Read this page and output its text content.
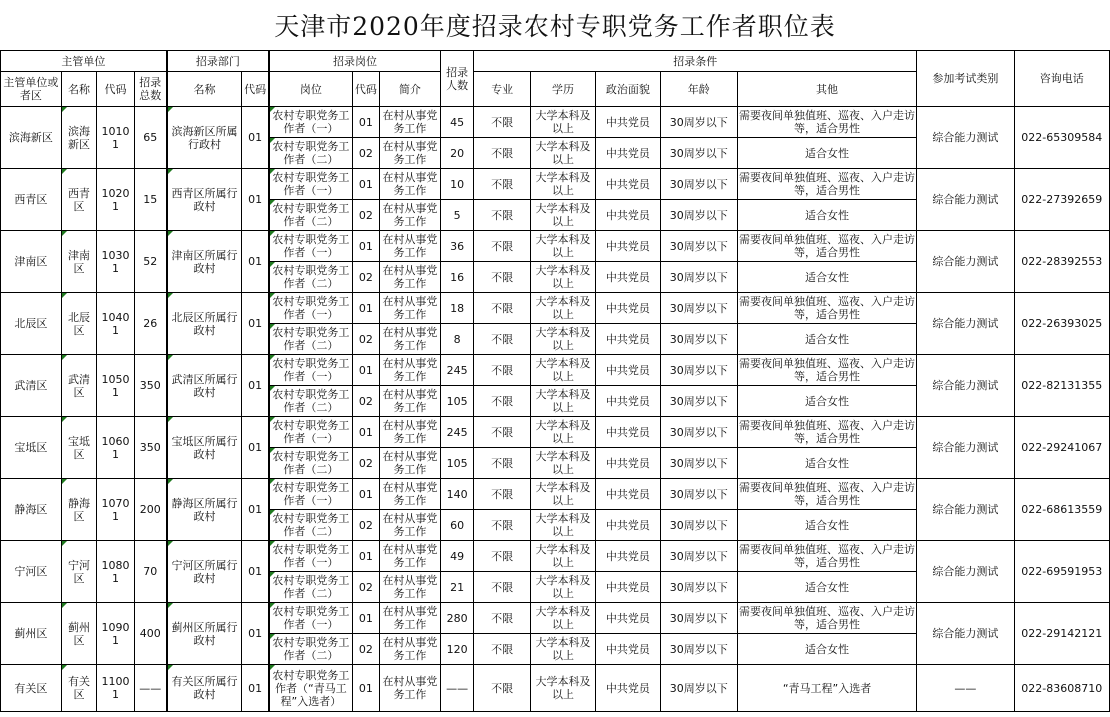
天津市2020年度招录农村专职党务工作者职位表
主管单位				招录部门		招录岗位			招录人数	招录条件					参加考试类别	咨询电话
主管单位或者区	名称	代码	招录总数	名称	代码	岗位	代码	简介		专业	学历	政治面貌	年龄	其他		
滨海新区	滨海新区	10101	65	滨海新区所属行政村	01	农村专职党务工作者（一）	01	在村从事党务工作	45	不限	大学本科及以上	中共党员	30周岁以下	需要夜间单独值班、巡夜、入户走访等，适合男性	综合能力测试	022-65309584
						农村专职党务工作者（二）	02	在村从事党务工作	20	不限	大学本科及以上	中共党员	30周岁以下	适合女性		
西青区	西青区	10201	15	西青区所属行政村	01	农村专职党务工作者（一）	01	在村从事党务工作	10	不限	大学本科及以上	中共党员	30周岁以下	需要夜间单独值班、巡夜、入户走访等，适合男性	综合能力测试	022-27392659
						农村专职党务工作者（二）	02	在村从事党务工作	5	不限	大学本科及以上	中共党员	30周岁以下	适合女性		
津南区	津南区	10301	52	津南区所属行政村	01	农村专职党务工作者（一）	01	在村从事党务工作	36	不限	大学本科及以上	中共党员	30周岁以下	需要夜间单独值班、巡夜、入户走访等，适合男性	综合能力测试	022-28392553
						农村专职党务工作者（二）	02	在村从事党务工作	16	不限	大学本科及以上	中共党员	30周岁以下	适合女性		
北辰区	北辰区	10401	26	北辰区所属行政村	01	农村专职党务工作者（一）	01	在村从事党务工作	18	不限	大学本科及以上	中共党员	30周岁以下	需要夜间单独值班、巡夜、入户走访等，适合男性	综合能力测试	022-26393025
						农村专职党务工作者（二）	02	在村从事党务工作	8	不限	大学本科及以上	中共党员	30周岁以下	适合女性		
武清区	武清区	10501	350	武清区所属行政村	01	农村专职党务工作者（一）	01	在村从事党务工作	245	不限	大学本科及以上	中共党员	30周岁以下	需要夜间单独值班、巡夜、入户走访等，适合男性	综合能力测试	022-82131355
						农村专职党务工作者（二）	02	在村从事党务工作	105	不限	大学本科及以上	中共党员	30周岁以下	适合女性		
宝坻区	宝坻区	10601	350	宝坻区所属行政村	01	农村专职党务工作者（一）	01	在村从事党务工作	245	不限	大学本科及以上	中共党员	30周岁以下	需要夜间单独值班、巡夜、入户走访等，适合男性	综合能力测试	022-29241067
						农村专职党务工作者（二）	02	在村从事党务工作	105	不限	大学本科及以上	中共党员	30周岁以下	适合女性		
静海区	静海区	10701	200	静海区所属行政村	01	农村专职党务工作者（一）	01	在村从事党务工作	140	不限	大学本科及以上	中共党员	30周岁以下	需要夜间单独值班、巡夜、入户走访等，适合男性	综合能力测试	022-68613559
						农村专职党务工作者（二）	02	在村从事党务工作	60	不限	大学本科及以上	中共党员	30周岁以下	适合女性		
宁河区	宁河区	10801	70	宁河区所属行政村	01	农村专职党务工作者（一）	01	在村从事党务工作	49	不限	大学本科及以上	中共党员	30周岁以下	需要夜间单独值班、巡夜、入户走访等，适合男性	综合能力测试	022-69591953
						农村专职党务工作者（二）	02	在村从事党务工作	21	不限	大学本科及以上	中共党员	30周岁以下	适合女性		
蓟州区	蓟州区	10901	400	蓟州区所属行政村	01	农村专职党务工作者（一）	01	在村从事党务工作	280	不限	大学本科及以上	中共党员	30周岁以下	需要夜间单独值班、巡夜、入户走访等，适合男性	综合能力测试	022-29142121
						农村专职党务工作者（二）	02	在村从事党务工作	120	不限	大学本科及以上	中共党员	30周岁以下	适合女性		
有关区	有关区	11001	——	有关区所属行政村	01	农村专职党务工作者（“青马工程”入选者）	01	在村从事党务工作	——	不限	大学本科及以上	中共党员	30周岁以下	“青马工程”入选者	——	022-83608710
